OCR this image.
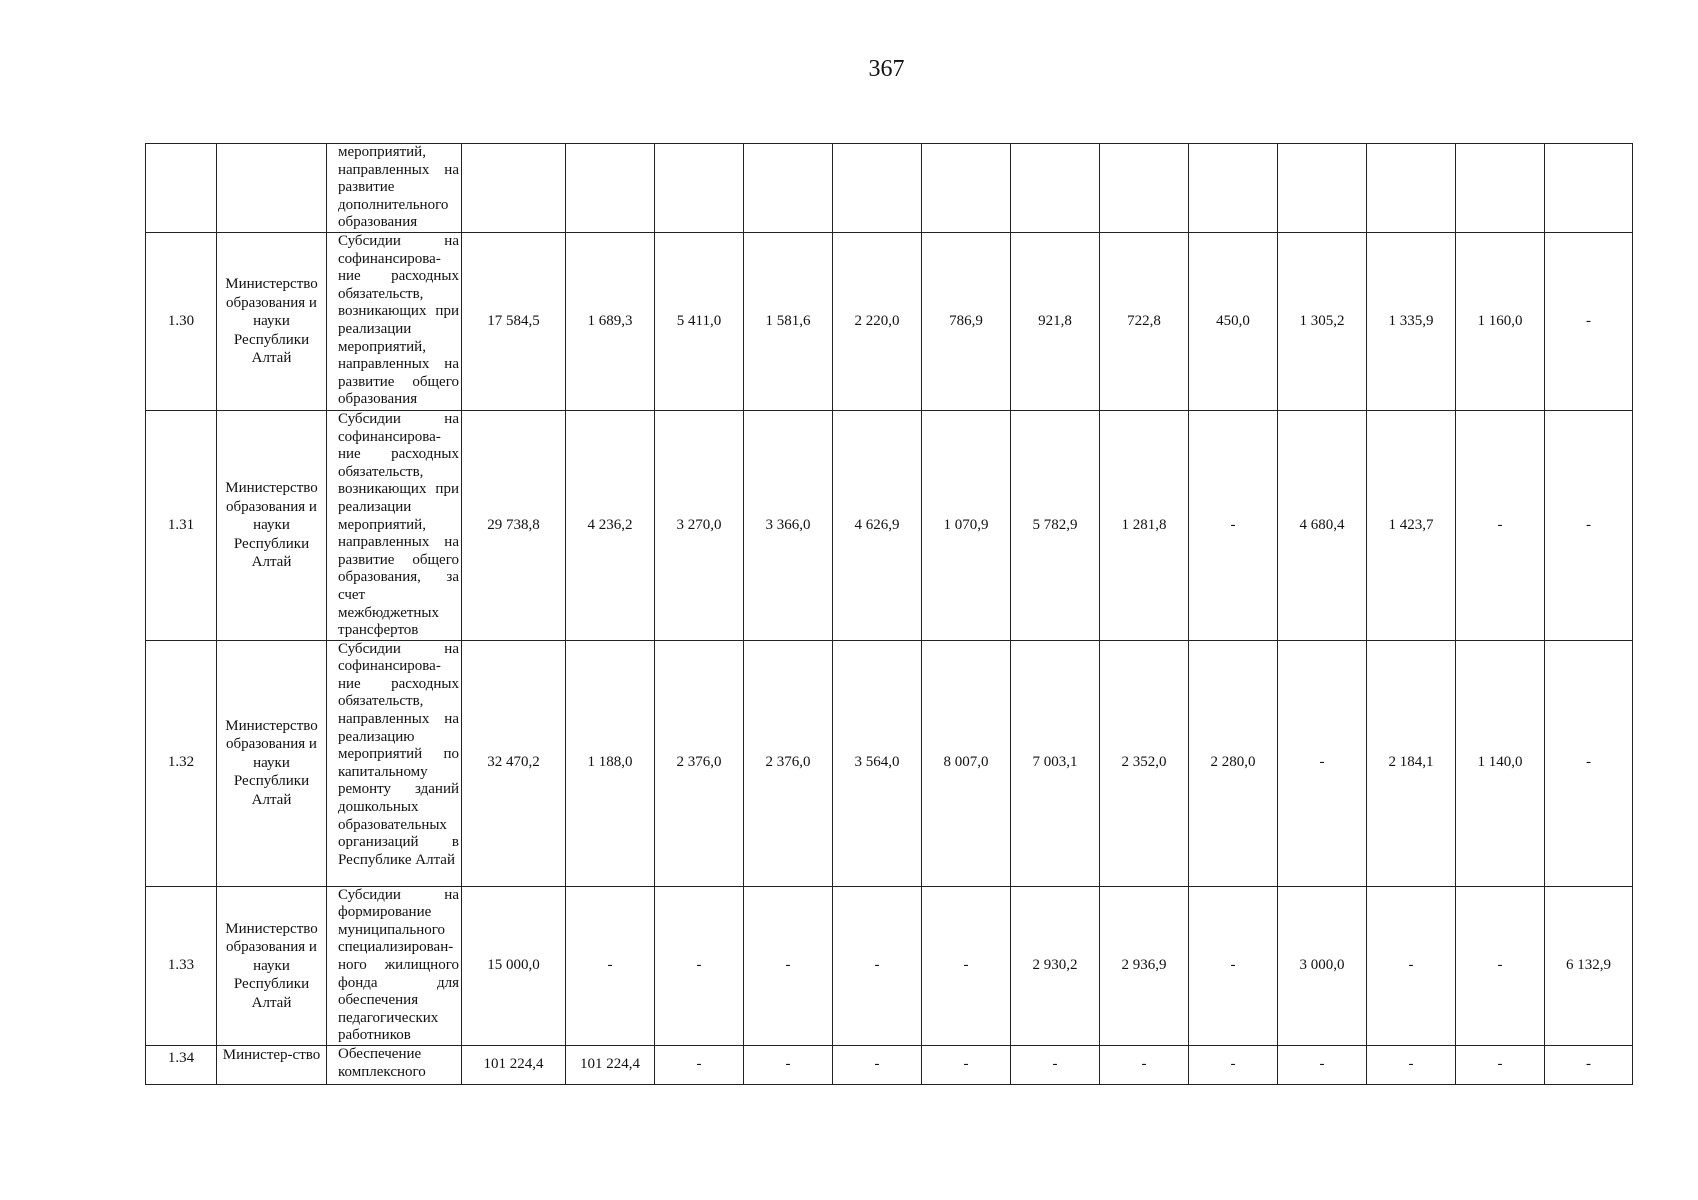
367
		мероприятий, направленных на развитие дополнительного образования													
1.30	Министерство образования и науки Республики Алтай	Субсидии на софинансирова-ние расходных обязательств, возникающих при реализации мероприятий, направленных на развитие общего образования	17 584,5	1 689,3	5 411,0	1 581,6	2 220,0	786,9	921,8	722,8	450,0	1 305,2	1 335,9	1 160,0	-
1.31	Министерство образования и науки Республики Алтай	Субсидии на софинансирова-ние расходных обязательств, возникающих при реализации мероприятий, направленных на развитие общего образования, за счет межбюджетных трансфертов	29 738,8	4 236,2	3 270,0	3 366,0	4 626,9	1 070,9	5 782,9	1 281,8	-	4 680,4	1 423,7	-	-
1.32	Министерство образования и науки Республики Алтай	Субсидии на софинансирова-ние расходных обязательств, направленных на реализацию мероприятий по капитальному ремонту зданий дошкольных образовательных организаций в Республике Алтай	32 470,2	1 188,0	2 376,0	2 376,0	3 564,0	8 007,0	7 003,1	2 352,0	2 280,0	-	2 184,1	1 140,0	-
1.33	Министерство образования и науки Республики Алтай	Субсидии на формирование муниципального специализирован-ного жилищного фонда для обеспечения педагогических работников	15 000,0	-	-	-	-	-	2 930,2	2 936,9	-	3 000,0	-	-	6 132,9
1.34	Министер-ство	Обеспечение комплексного	101 224,4	101 224,4	-	-	-	-	-	-	-	-	-	-	-
